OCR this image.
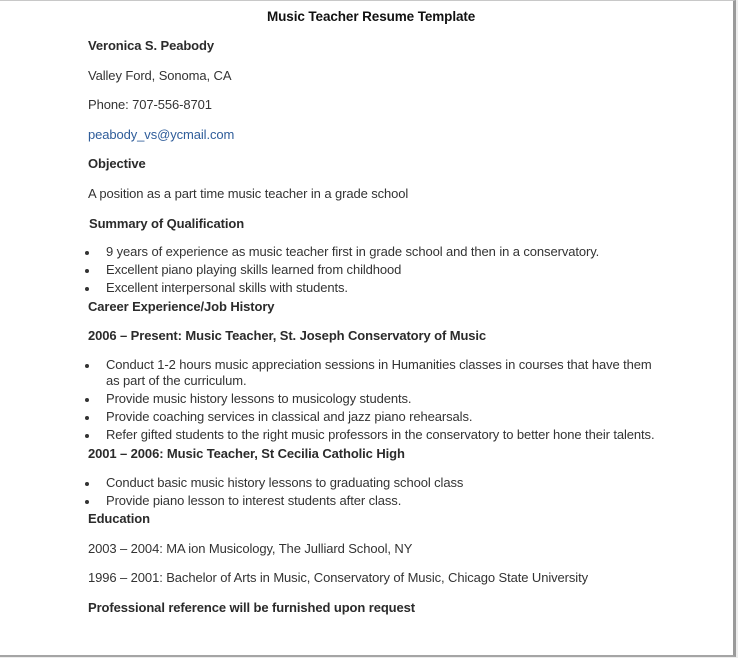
Music Teacher Resume Template
Veronica S. Peabody
Valley Ford, Sonoma, CA
Phone: 707-556-8701
peabody_vs@ycmail.com
Objective
A position as a part time music teacher in a grade school
Summary of Qualification
9 years of experience as music teacher first in grade school and then in a conservatory.
Excellent piano playing skills learned from childhood
Excellent interpersonal skills with students.
Career Experience/Job History
2006 – Present: Music Teacher, St. Joseph Conservatory of Music
Conduct 1-2 hours music appreciation sessions in Humanities classes in courses that have them
as part of the curriculum.
Provide music history lessons to musicology students.
Provide coaching services in classical and jazz piano rehearsals.
Refer gifted students to the right music professors in the conservatory to better hone their talents.
2001 – 2006: Music Teacher, St Cecilia Catholic High
Conduct basic music history lessons to graduating school class
Provide piano lesson to interest students after class.
Education
2003 – 2004: MA ion Musicology, The Julliard School, NY
1996 – 2001: Bachelor of Arts in Music, Conservatory of Music, Chicago State University
Professional reference will be furnished upon request
